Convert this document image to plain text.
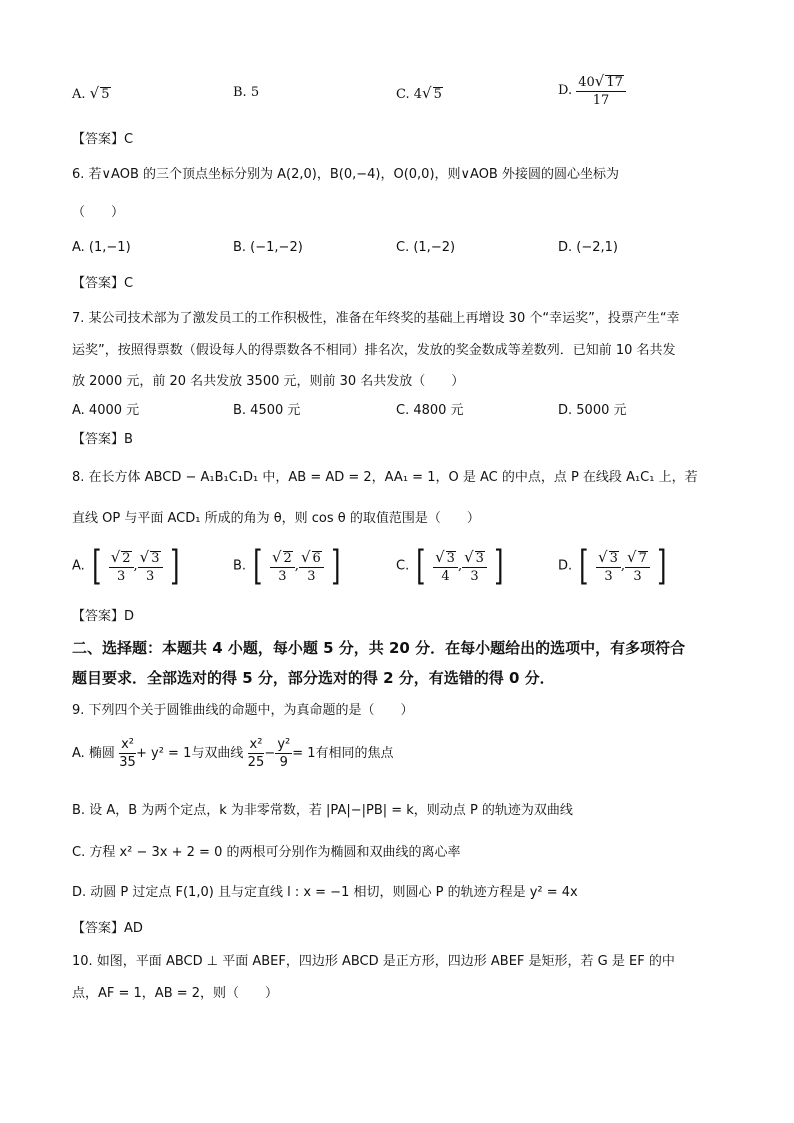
A. √ 5	B. 5	C. 4√ 5	D. $\frac{40√ 17}{17}$
【答案】C
6. 若∨AOB 的三个顶点坐标分别为 A(2,0)，B(0,−4)，O(0,0)，则∨AOB 外接圆的圆心坐标为
（　　）
A. (1,−1)	B. (−1,−2)	C. (1,−2)	D. (−2,1)
【答案】C
7. 某公司技术部为了激发员工的工作积极性，准备在年终奖的基础上再增设 30 个“幸运奖”，投票产生“幸
运奖”，按照得票数（假设每人的得票数各不相同）排名次，发放的奖金数成等差数列．已知前 10 名共发
放 2000 元，前 20 名共发放 3500 元，则前 30 名共发放（　　）
A. 4000 元	B. 4500 元	C. 4800 元	D. 5000 元
【答案】B
8. 在长方体 ABCD − A₁B₁C₁D₁ 中，AB = AD = 2，AA₁ = 1，O 是 AC 的中点，点 P 在线段 A₁C₁ 上，若
直线 OP 与平面 ACD₁ 所成的角为 θ，则 cos θ 的取值范围是（　　）
A. [ $\frac{√ 2}{3}$ , $\frac{√ 3}{3}$ ]	B. [ $\frac{√ 2}{3}$ , $\frac{√ 6}{3}$ ]	C. [ $\frac{√ 3}{4}$ , $\frac{√ 3}{3}$ ]	D. [ $\frac{√ 3}{3}$ , $\frac{√ 7}{3}$ ]
【答案】D
二、选择题：本题共 4 小题，每小题 5 分，共 20 分．在每小题给出的选项中，有多项符合
题目要求．全部选对的得 5 分，部分选对的得 2 分，有选错的得 0 分．
9. 下列四个关于圆锥曲线的命题中，为真命题的是（　　）
A. 椭圆 $\frac{\text{x²}}{35} + y^2 = 1$与双曲线 $\frac{\text{x²}}{25} - \frac{\text{y²}}{9} = 1$有相同的焦点
B. 设 A，B 为两个定点，k 为非零常数，若 |PA|−|PB| = k，则动点 P 的轨迹为双曲线
C. 方程 x² − 3x + 2 = 0 的两根可分别作为椭圆和双曲线的离心率
D. 动圆 P 过定点 F(1,0) 且与定直线 l : x = −1 相切，则圆心 P 的轨迹方程是 y² = 4x
【答案】AD
10. 如图，平面 ABCD ⊥ 平面 ABEF，四边形 ABCD 是正方形，四边形 ABEF 是矩形，若 G 是 EF 的中
点，AF = 1，AB = 2，则（　　）
